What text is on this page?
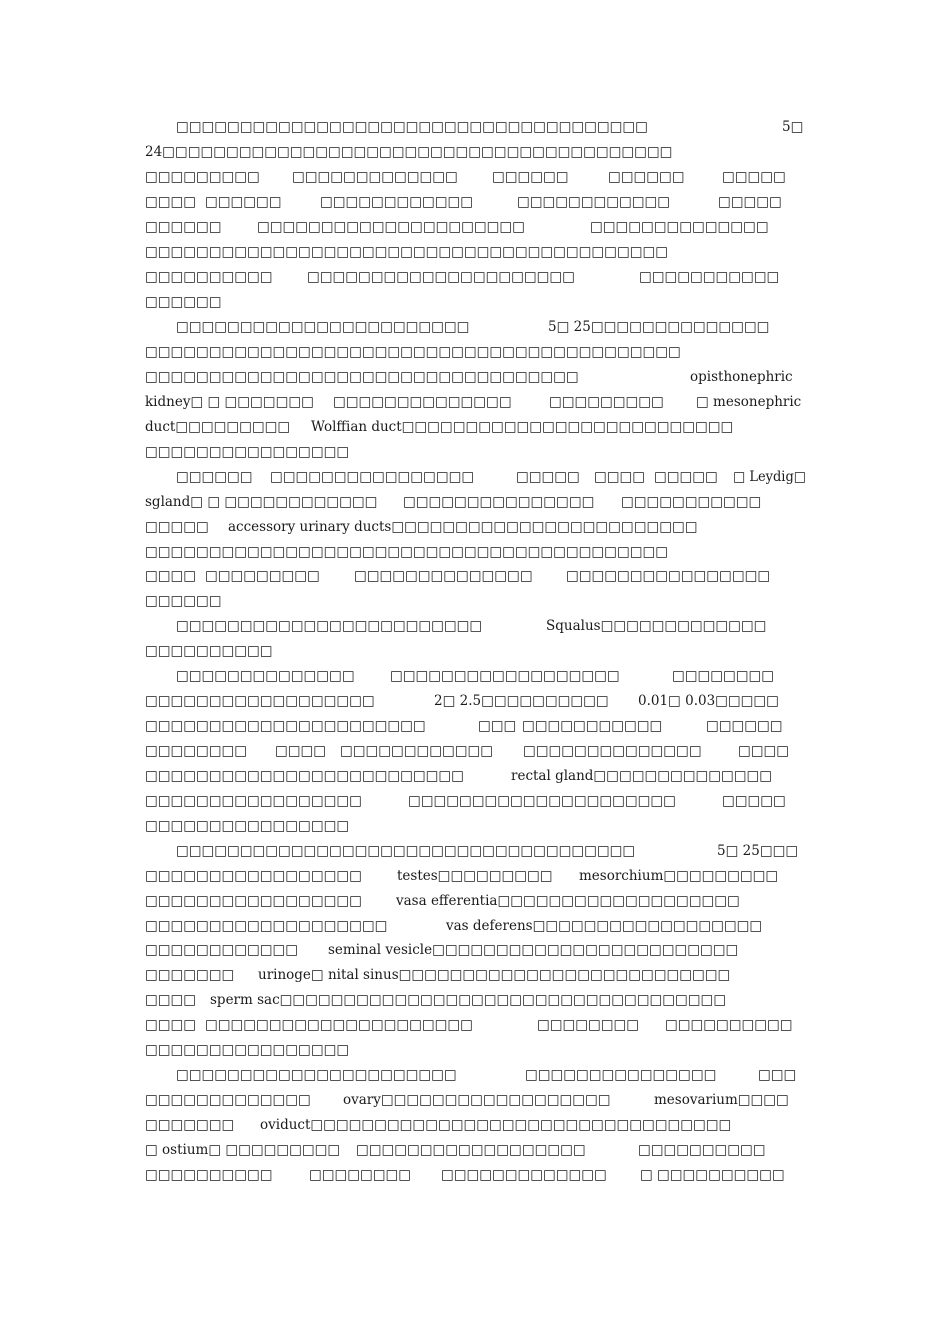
□□□□□□□□□□□□□□□□□□□□□□□□□□□□□□□□□□□□□	5□
24□□□□□□□□□□□□□□□□□□□□□□□□□□□□□□□□□□□□□□□□
□□□□□□□□□ □□□□□□□□□□□□□	□□□□□□	□□□□□□	□□□□□
□□□□ □□□□□□	□□□□□□□□□□□□	□□□□□□□□□□□□	□□□□□
□□□□□□	□□□□□□□□□□□□□□□□□□□□□	□□□□□□□□□□□□□□
□□□□□□□□□□□□□□□□□□□□□□□□□□□□□□□□□□□□□□□□□
□□□□□□□□□□	□□□□□□□□□□□□□□□□□□□□□	□□□□□□□□□□□
□□□□□□
□□□□□□□□□□□□□□□□□□□□□□□	5□ 25□□□□□□□□□□□□□□
□□□□□□□□□□□□□□□□□□□□□□□□□□□□□□□□□□□□□□□□□□
□□□□□□□□□□□□□□□□□□□□□□□□□□□□□□□□□□	opisthonephric
kidney□ □ □□□□□□□ □□□□□□□□□□□□□□	□□□□□□□□□ □ mesonephric
duct□□□□□□□□□ Wolffian duct□□□□□□□□□□□□□□□□□□□□□□□□□□
□□□□□□□□□□□□□□□□
□□□□□□ □□□□□□□□□□□□□□□□	□□□□□ □□□□ □□□□□ □ Leydig□
sgland□ □ □□□□□□□□□□□□ □□□□□□□□□□□□□□□ □□□□□□□□□□□
□□□□□ accessory urinary ducts□□□□□□□□□□□□□□□□□□□□□□□□
□□□□□□□□□□□□□□□□□□□□□□□□□□□□□□□□□□□□□□□□□
□□□□ □□□□□□□□□	□□□□□□□□□□□□□□ □□□□□□□□□□□□□□□□
□□□□□□
□□□□□□□□□□□□□□□□□□□□□□□□	Squalus□□□□□□□□□□□□□
□□□□□□□□□□
□□□□□□□□□□□□□□	□□□□□□□□□□□□□□□□□□	□□□□□□□□
□□□□□□□□□□□□□□□□□□	2□ 2.5□□□□□□□□□□ 0.01□ 0.03□□□□□
□□□□□□□□□□□□□□□□□□□□□□	□□□ □□□□□□□□□□□	□□□□□□
□□□□□□□□ □□□□ □□□□□□□□□□□□ □□□□□□□□□□□□□□	□□□□
□□□□□□□□□□□□□□□□□□□□□□□□□	rectal gland□□□□□□□□□□□□□□
□□□□□□□□□□□□□□□□□	□□□□□□□□□□□□□□□□□□□□□	□□□□□
□□□□□□□□□□□□□□□□
□□□□□□□□□□□□□□□□□□□□□□□□□□□□□□□□□□□□	5□ 25□□□
□□□□□□□□□□□□□□□□□	testes□□□□□□□□□ mesorchium□□□□□□□□□
□□□□□□□□□□□□□□□□□	vasa efferentia□□□□□□□□□□□□□□□□□□□
□□□□□□□□□□□□□□□□□□□	vas deferens□□□□□□□□□□□□□□□□□□
□□□□□□□□□□□□ seminal vesicle□□□□□□□□□□□□□□□□□□□□□□□□
□□□□□□□ urinoge□ nital sinus□□□□□□□□□□□□□□□□□□□□□□□□□□
□□□□ sperm sac□□□□□□□□□□□□□□□□□□□□□□□□□□□□□□□□□□□
□□□□ □□□□□□□□□□□□□□□□□□□□□	□□□□□□□□ □□□□□□□□□□
□□□□□□□□□□□□□□□□
□□□□□□□□□□□□□□□□□□□□□□	□□□□□□□□□□□□□□□	□□□
□□□□□□□□□□□□□ ovary□□□□□□□□□□□□□□□□□□	mesovarium□□□□
□□□□□□□ oviduct□□□□□□□□□□□□□□□□□□□□□□□□□□□□□□□□□
□ ostium□ □□□□□□□□□ □□□□□□□□□□□□□□□□□□	□□□□□□□□□□
□□□□□□□□□□	□□□□□□□□ □□□□□□□□□□□□□ □ □□□□□□□□□□
